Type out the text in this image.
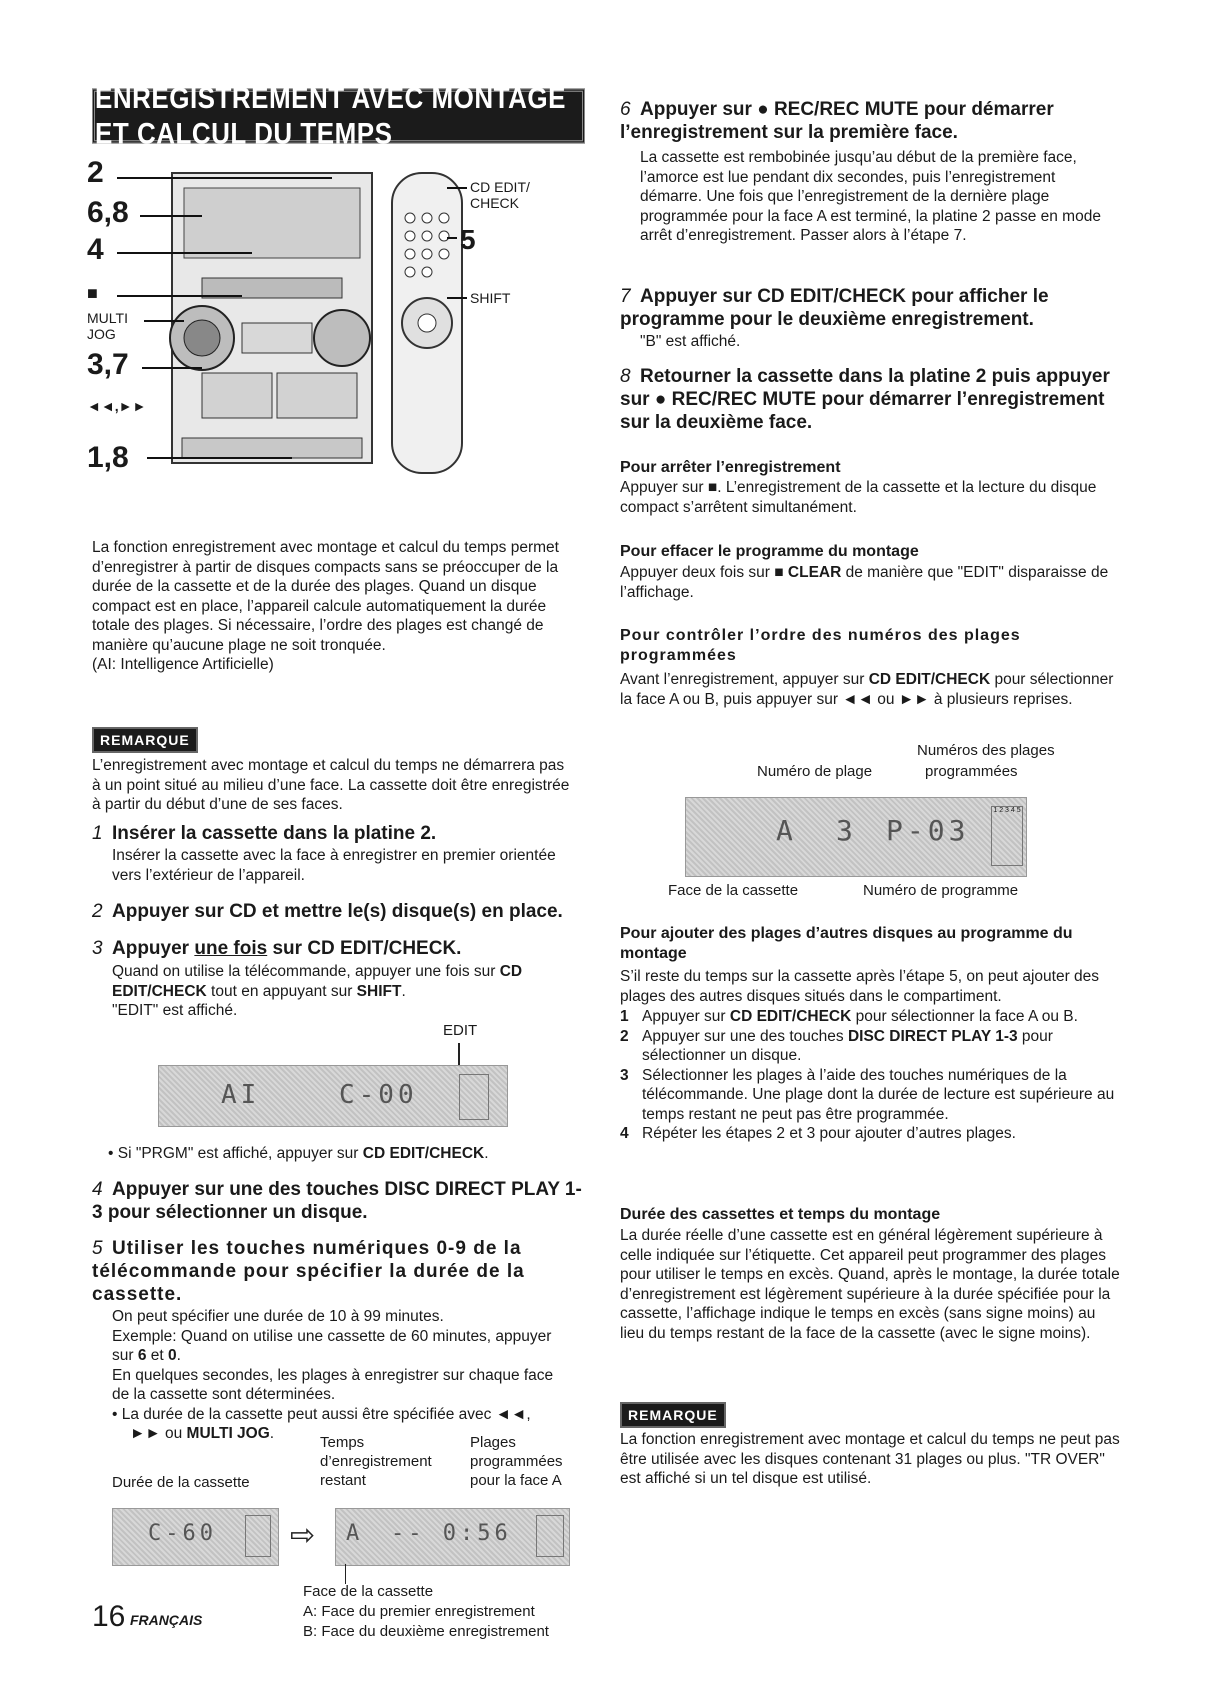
ENREGISTREMENT AVEC MONTAGE ET CALCUL DU TEMPS
2
6,8
4
■
MULTI
JOG
3,7
◄◄,►►
1,8
CD EDIT/
CHECK
5
SHIFT
La fonction enregistrement avec montage et calcul du temps permet d’enregistrer à partir de disques compacts sans se préoccuper de la durée de la cassette et de la durée des plages. Quand un disque compact est en place, l’appareil calcule automatiquement la durée totale des plages. Si nécessaire, l’ordre des plages est changé de manière qu’aucune plage ne soit tronquée.
(AI: Intelligence Artificielle)
REMARQUE
L’enregistrement avec montage et calcul du temps ne démarrera pas à un point situé au milieu d’une face. La cassette doit être enregistrée à partir du début d’une de ses faces.
1 Insérer la cassette dans la platine 2.
Insérer la cassette avec la face à enregistrer en premier orientée vers l’extérieur de l’appareil.
2 Appuyer sur CD et mettre le(s) disque(s) en place.
3 Appuyer une fois sur CD EDIT/CHECK.
Quand on utilise la télécommande, appuyer une fois sur CD EDIT/CHECK tout en appuyant sur SHIFT.
"EDIT" est affiché.
EDIT
AI	C-00
• Si "PRGM" est affiché, appuyer sur CD EDIT/CHECK.
4 Appuyer sur une des touches DISC DIRECT PLAY 1-3 pour sélectionner un disque.
5 Utiliser les touches numériques 0-9 de la télécommande pour spécifier la durée de la cassette.
On peut spécifier une durée de 10 à 99 minutes.
Exemple: Quand on utilise une cassette de 60 minutes, appuyer sur 6 et 0.
En quelques secondes, les plages à enregistrer sur chaque face de la cassette sont déterminées.
• La durée de la cassette peut aussi être spécifiée avec ◄◄,
►► ou MULTI JOG.
Temps
d’enregistrement
restant
Plages
programmées
pour la face A
Durée de la cassette
C-60 ⇨ A -- 0:56
Face de la cassette
A: Face du premier enregistrement
B: Face du deuxième enregistrement
16 FRANÇAIS
6 Appuyer sur ● REC/REC MUTE pour démarrer l’enregistrement sur la première face.
La cassette est rembobinée jusqu’au début de la première face, l’amorce est lue pendant dix secondes, puis l’enregistrement démarre. Une fois que l’enregistrement de la dernière plage programmée pour la face A est terminé, la platine 2 passe en mode arrêt d’enregistrement. Passer alors à l’étape 7.
7 Appuyer sur CD EDIT/CHECK pour afficher le programme pour le deuxième enregistrement.
"B" est affiché.
8 Retourner la cassette dans la platine 2 puis appuyer sur ● REC/REC MUTE pour démarrer l’enregistrement sur la deuxième face.
Pour arrêter l’enregistrement
Appuyer sur ■. L’enregistrement de la cassette et la lecture du disque compact s’arrêtent simultanément.
Pour effacer le programme du montage
Appuyer deux fois sur ■ CLEAR de manière que "EDIT" disparaisse de l’affichage.
Pour contrôler l’ordre des numéros des plages programmées
Avant l’enregistrement, appuyer sur CD EDIT/CHECK pour sélectionner la face A ou B, puis appuyer sur ◄◄ ou ►► à plusieurs reprises.
Numéros des plages
programmées
Numéro de plage
A 3 P-03
1 2 3 4 5
Face de la cassette	Numéro de programme
Pour ajouter des plages d’autres disques au programme du montage
S’il reste du temps sur la cassette après l’étape 5, on peut ajouter des plages des autres disques situés dans le compartiment.
1 Appuyer sur CD EDIT/CHECK pour sélectionner la face A ou B.
2 Appuyer sur une des touches DISC DIRECT PLAY 1-3 pour sélectionner un disque.
3 Sélectionner les plages à l’aide des touches numériques de la télécommande. Une plage dont la durée de lecture est supérieure au temps restant ne peut pas être programmée.
4 Répéter les étapes 2 et 3 pour ajouter d’autres plages.
Durée des cassettes et temps du montage
La durée réelle d’une cassette est en général légèrement supérieure à celle indiquée sur l’étiquette. Cet appareil peut programmer des plages pour utiliser le temps en excès. Quand, après le montage, la durée totale d’enregistrement est légèrement supérieure à la durée spécifiée pour la cassette, l’affichage indique le temps en excès (sans signe moins) au lieu du temps restant de la face de la cassette (avec le signe moins).
REMARQUE
La fonction enregistrement avec montage et calcul du temps ne peut pas être utilisée avec les disques contenant 31 plages ou plus. "TR OVER" est affiché si un tel disque est utilisé.
